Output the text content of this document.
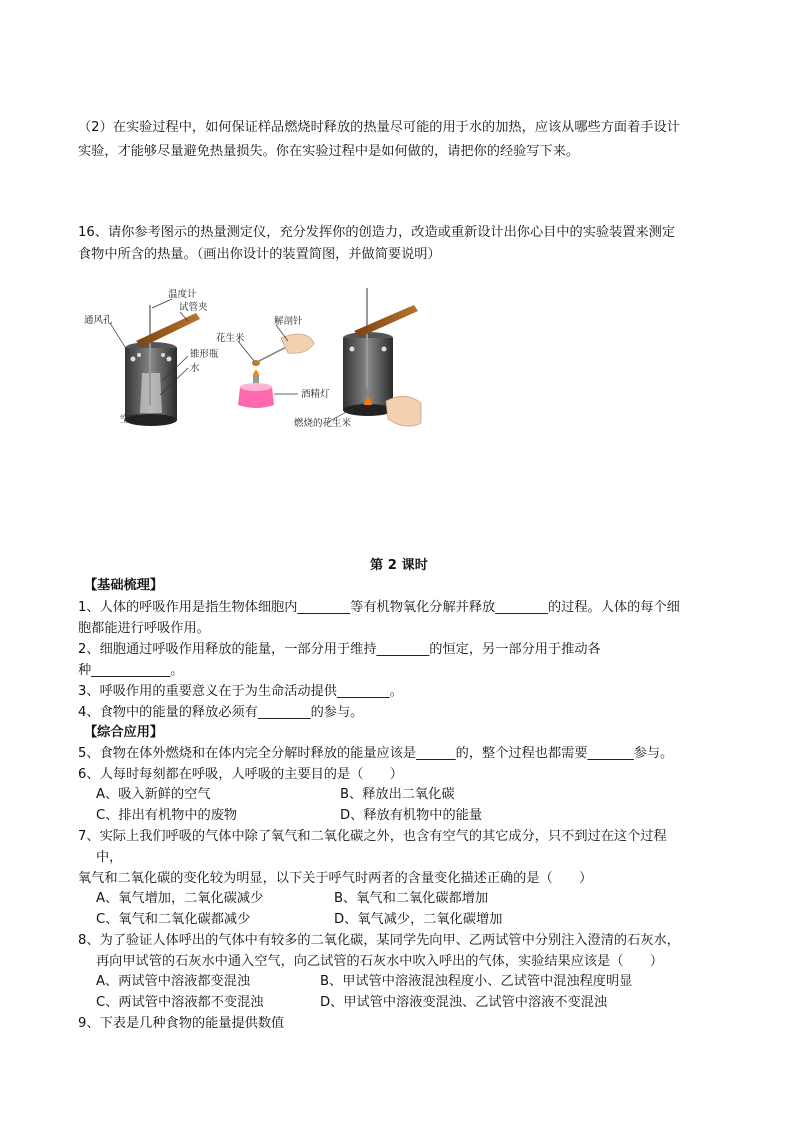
（2）在实验过程中，如何保证样品燃烧时释放的热量尽可能的用于水的加热，应该从哪些方面着手设计
实验，才能够尽量避免热量损失。你在实验过程中是如何做的，请把你的经验写下来。
16、请你参考图示的热量测定仪，充分发挥你的创造力，改造或重新设计出你心目中的实验装置来测定
食物中所含的热量。（画出你设计的装置简图，并做简要说明）
通风孔
温度计
试管夹
锥形瓶
水
空罐
解剖针
花生米
酒精灯
燃烧的花生米
第 2 课时
【基础梳理】
1、人体的呼吸作用是指生物体细胞内________等有机物氧化分解并释放________的过程。人体的每个细
胞都能进行呼吸作用。
2、细胞通过呼吸作用释放的能量，一部分用于维持________的恒定，另一部分用于推动各
种____________。
3、呼吸作用的重要意义在于为生命活动提供________。
4、食物中的能量的释放必须有________的参与。
【综合应用】
5、食物在体外燃烧和在体内完全分解时释放的能量应该是______的，整个过程也都需要_______参与。
6、人每时每刻都在呼吸，人呼吸的主要目的是（　　）
A、吸入新鲜的空气	B、释放出二氧化碳
C、排出有机物中的废物	D、释放有机物中的能量
7、实际上我们呼吸的气体中除了氧气和二氧化碳之外，也含有空气的其它成分，只不到过在这个过程
中，
氧气和二氧化碳的变化较为明显，以下关于呼气时两者的含量变化描述正确的是（　　）
A、氧气增加，二氧化碳减少	B、氧气和二氧化碳都增加
C、氧气和二氧化碳都减少	D、氧气减少，二氧化碳增加
8、为了验证人体呼出的气体中有较多的二氧化碳，某同学先向甲、乙两试管中分别注入澄清的石灰水，
再向甲试管的石灰水中通入空气，向乙试管的石灰水中吹入呼出的气体，实验结果应该是（　　）
A、两试管中溶液都变混浊	B、甲试管中溶液混浊程度小、乙试管中混浊程度明显
C、两试管中溶液都不变混浊	D、甲试管中溶液变混浊、乙试管中溶液不变混浊
9、下表是几种食物的能量提供数值
